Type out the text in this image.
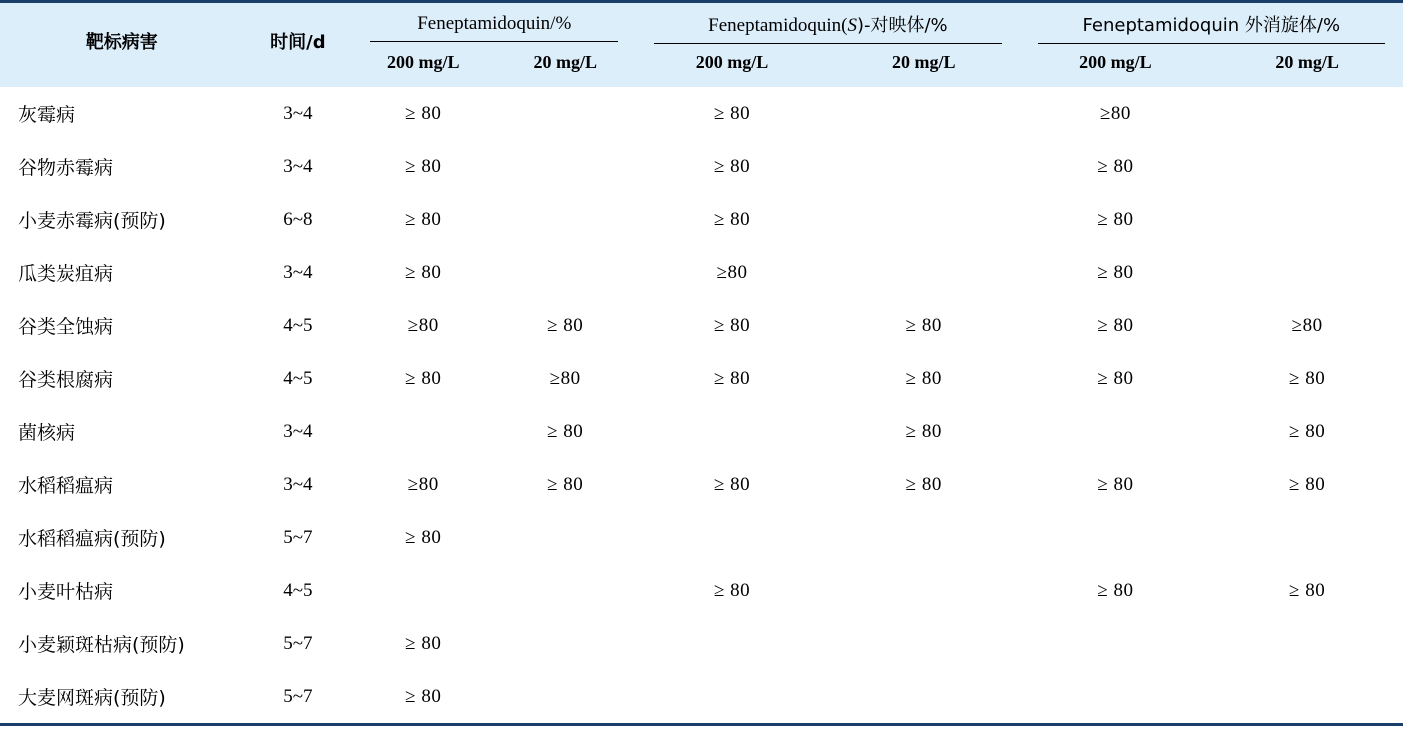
靶标病害	时间/d	Feneptamidoquin/%		Feneptamidoquin(S)-对映体/%		Feneptamidoquin 外消旋体/%	

		200 mg/L	20 mg/L	200 mg/L	20 mg/L	200 mg/L	20 mg/L

灰霉病	3~4	≥ 80		≥ 80		≥80	
谷物赤霉病	3~4	≥ 80		≥ 80		≥ 80	
小麦赤霉病(预防)	6~8	≥ 80		≥ 80		≥ 80	
瓜类炭疽病	3~4	≥ 80		≥80		≥ 80	
谷类全蚀病	4~5	≥80	≥ 80	≥ 80	≥ 80	≥ 80	≥80
谷类根腐病	4~5	≥ 80	≥80	≥ 80	≥ 80	≥ 80	≥ 80
菌核病	3~4		≥ 80		≥ 80		≥ 80
水稻稻瘟病	3~4	≥80	≥ 80	≥ 80	≥ 80	≥ 80	≥ 80
水稻稻瘟病(预防)	5~7	≥ 80					
小麦叶枯病	4~5			≥ 80		≥ 80	≥ 80
小麦颖斑枯病(预防)	5~7	≥ 80					
大麦网斑病(预防)	5~7	≥ 80					
